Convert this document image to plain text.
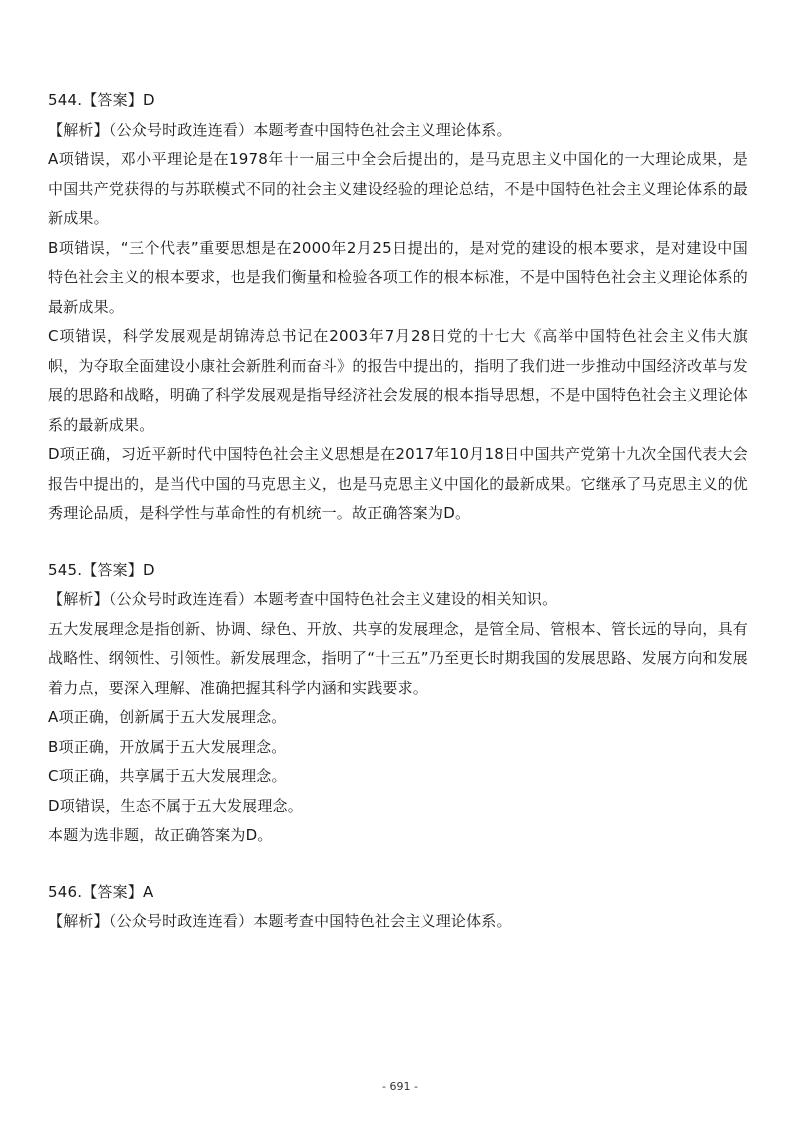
544.【答案】D

【解析】（公众号时政连连看）本题考查中国特色社会主义理论体系。

A项错误，邓小平理论是在1978年十一届三中全会后提出的，是马克思主义中国化的一大理论成果，是中国共产党获得的与苏联模式不同的社会主义建设经验的理论总结，不是中国特色社会主义理论体系的最新成果。

B项错误，“三个代表”重要思想是在2000年2月25日提出的，是对党的建设的根本要求，是对建设中国特色社会主义的根本要求，也是我们衡量和检验各项工作的根本标准，不是中国特色社会主义理论体系的最新成果。

C项错误，科学发展观是胡锦涛总书记在2003年7月28日党的十七大《高举中国特色社会主义伟大旗帜，为夺取全面建设小康社会新胜利而奋斗》的报告中提出的，指明了我们进一步推动中国经济改革与发展的思路和战略，明确了科学发展观是指导经济社会发展的根本指导思想，不是中国特色社会主义理论体系的最新成果。

D项正确，习近平新时代中国特色社会主义思想是在2017年10月18日中国共产党第十九次全国代表大会报告中提出的，是当代中国的马克思主义，也是马克思主义中国化的最新成果。它继承了马克思主义的优秀理论品质，是科学性与革命性的有机统一。故正确答案为D。

545.【答案】D

【解析】（公众号时政连连看）本题考查中国特色社会主义建设的相关知识。

五大发展理念是指创新、协调、绿色、开放、共享的发展理念，是管全局、管根本、管长远的导向，具有战略性、纲领性、引领性。新发展理念，指明了“十三五”乃至更长时期我国的发展思路、发展方向和发展着力点，要深入理解、准确把握其科学内涵和实践要求。

A项正确，创新属于五大发展理念。

B项正确，开放属于五大发展理念。

C项正确，共享属于五大发展理念。

D项错误，生态不属于五大发展理念。

本题为选非题，故正确答案为D。

546.【答案】A

【解析】（公众号时政连连看）本题考查中国特色社会主义理论体系。

- 691 -
